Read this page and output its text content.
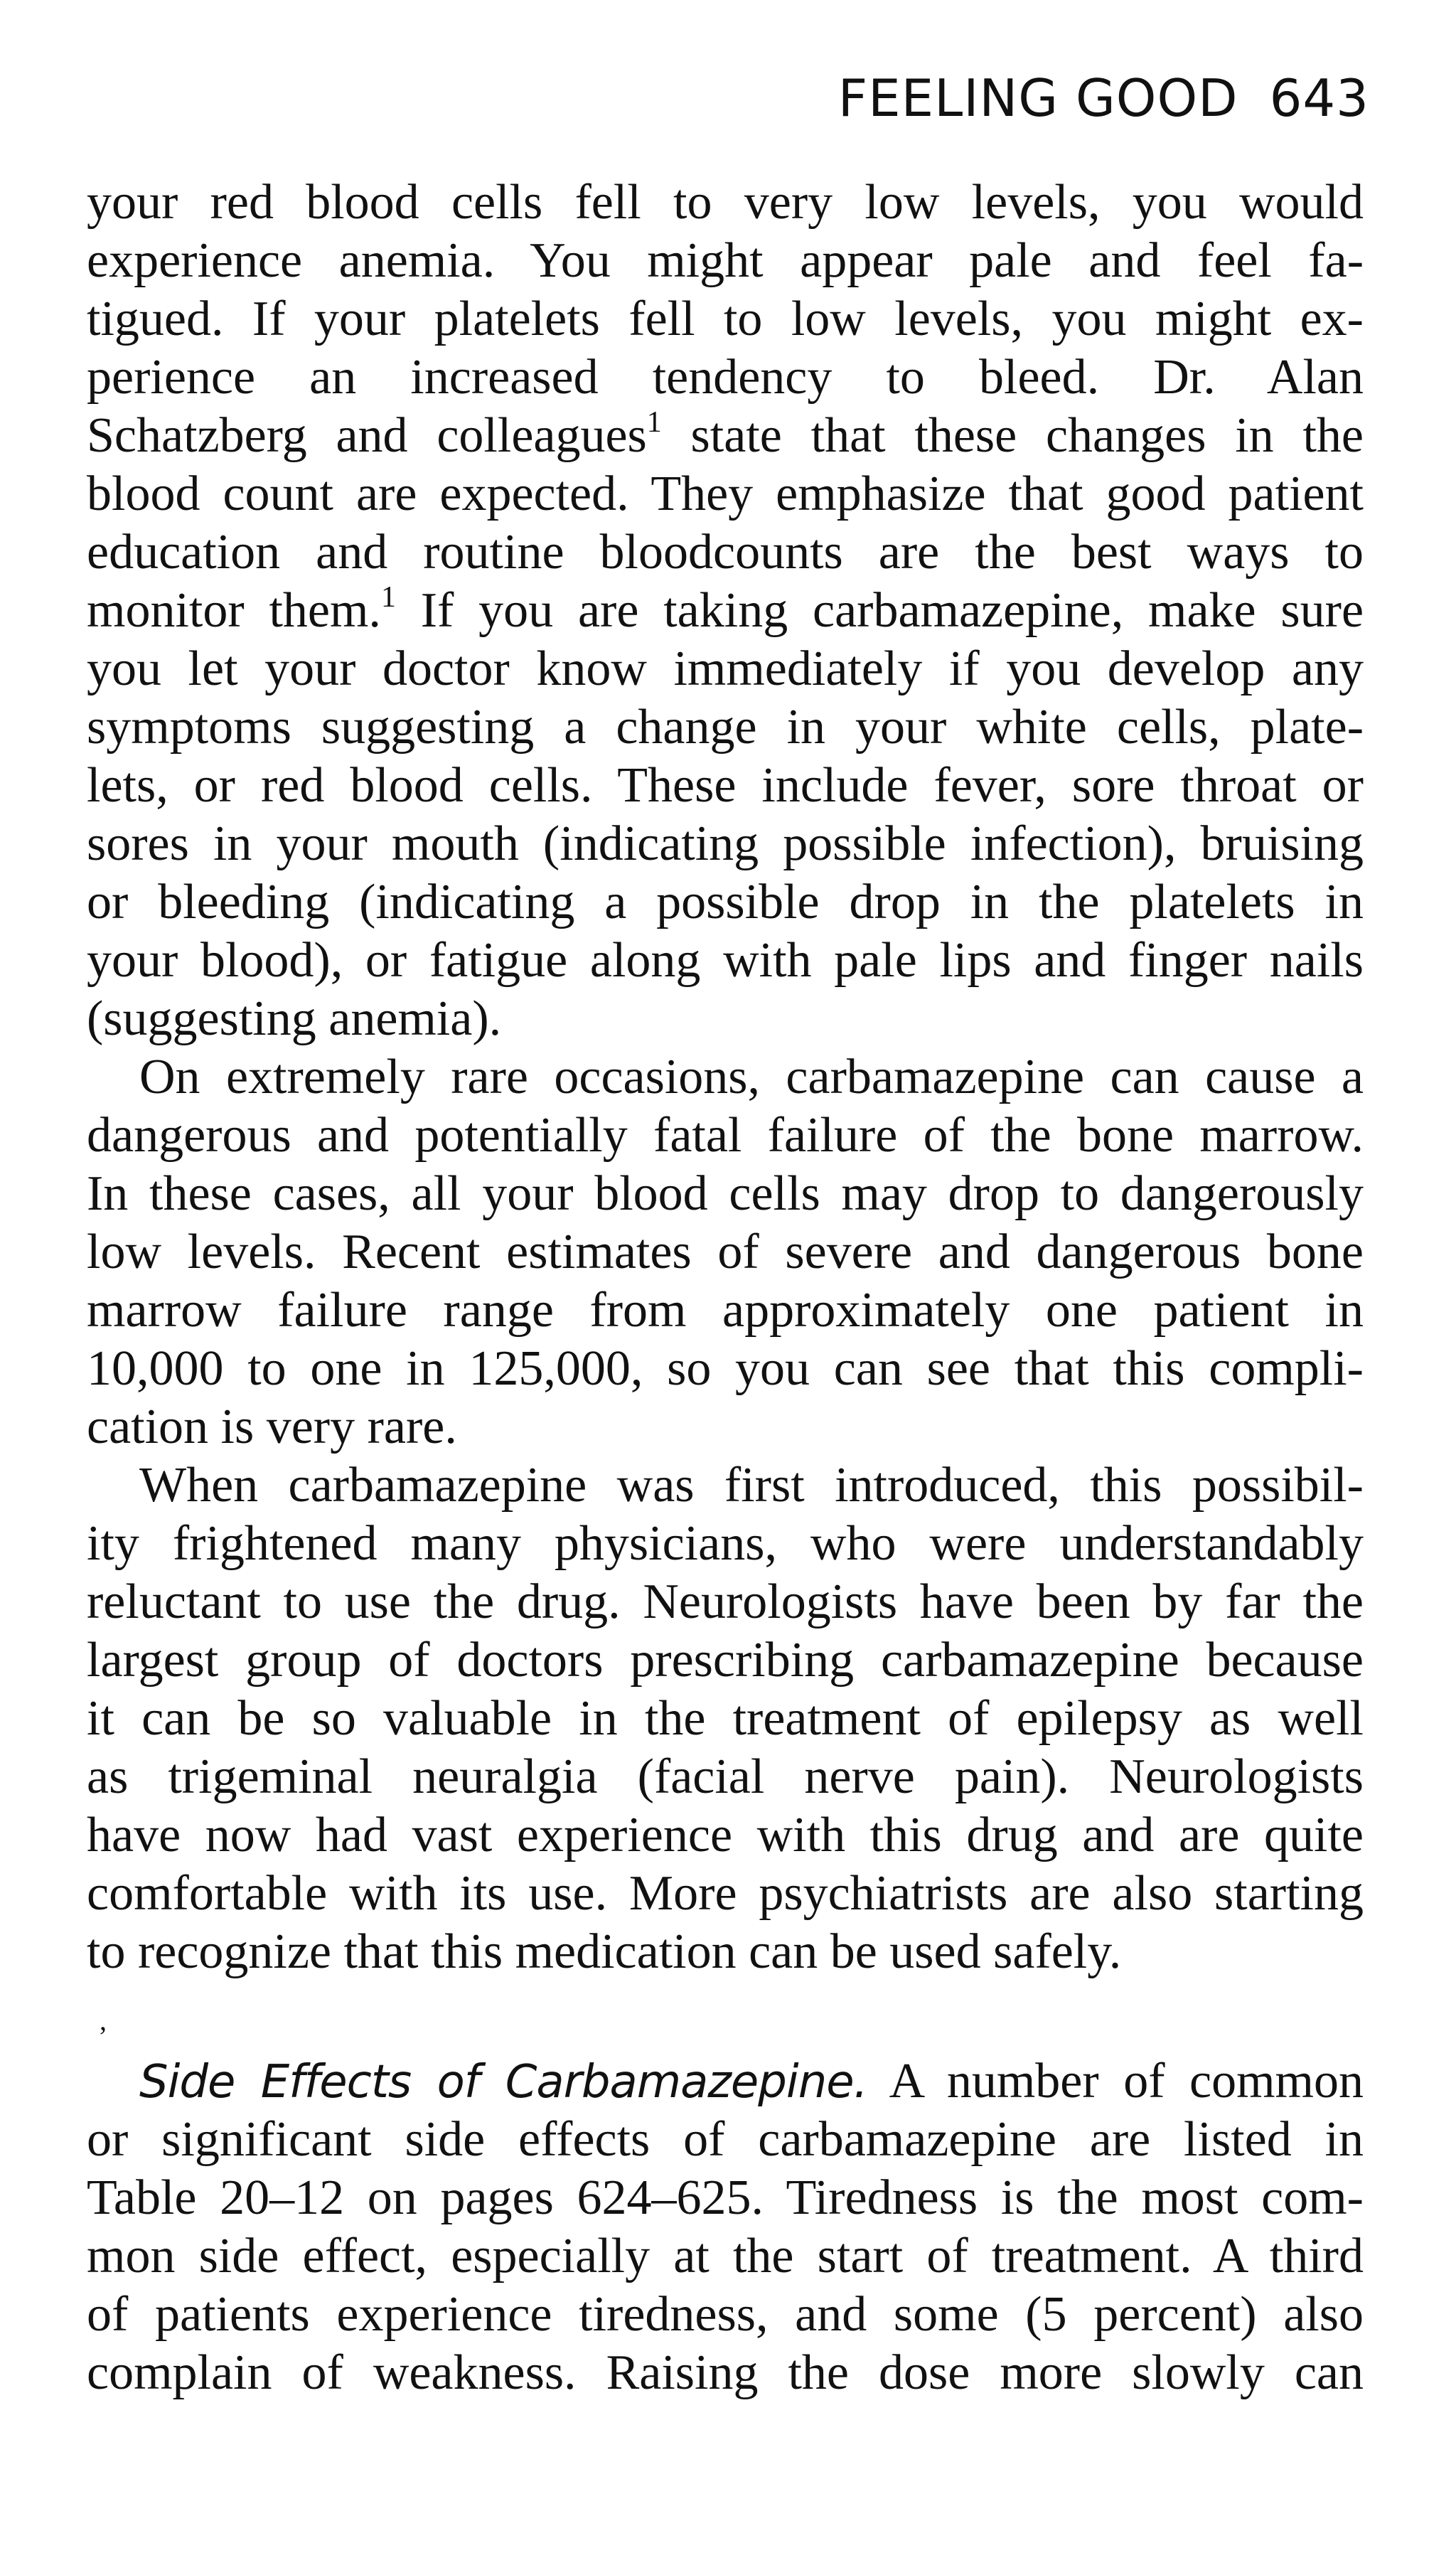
FEELING GOOD 643
your red blood cells fell to very low levels, you would
experience anemia. You might appear pale and feel fa-
tigued. If your platelets fell to low levels, you might ex-
perience an increased tendency to bleed. Dr. Alan
Schatzberg and colleagues$^1$ state that these changes in the
blood count are expected. They emphasize that good patient
education and routine bloodcounts are the best ways to
monitor them.$^1$ If you are taking carbamazepine, make sure
you let your doctor know immediately if you develop any
symptoms suggesting a change in your white cells, plate-
lets, or red blood cells. These include fever, sore throat or
sores in your mouth (indicating possible infection), bruising
or bleeding (indicating a possible drop in the platelets in
your blood), or fatigue along with pale lips and finger nails
(suggesting anemia).
On extremely rare occasions, carbamazepine can cause a
dangerous and potentially fatal failure of the bone marrow.
In these cases, all your blood cells may drop to dangerously
low levels. Recent estimates of severe and dangerous bone
marrow failure range from approximately one patient in
10,000 to one in 125,000, so you can see that this compli-
cation is very rare.
When carbamazepine was first introduced, this possibil-
ity frightened many physicians, who were understandably
reluctant to use the drug. Neurologists have been by far the
largest group of doctors prescribing carbamazepine because
it can be so valuable in the treatment of epilepsy as well
as trigeminal neuralgia (facial nerve pain). Neurologists
have now had vast experience with this drug and are quite
comfortable with its use. More psychiatrists are also starting
to recognize that this medication can be used safely.
Side Effects of Carbamazepine. A number of common
or significant side effects of carbamazepine are listed in
Table 20–12 on pages 624–625. Tiredness is the most com-
mon side effect, especially at the start of treatment. A third
of patients experience tiredness, and some (5 percent) also
complain of weakness. Raising the dose more slowly can
’
